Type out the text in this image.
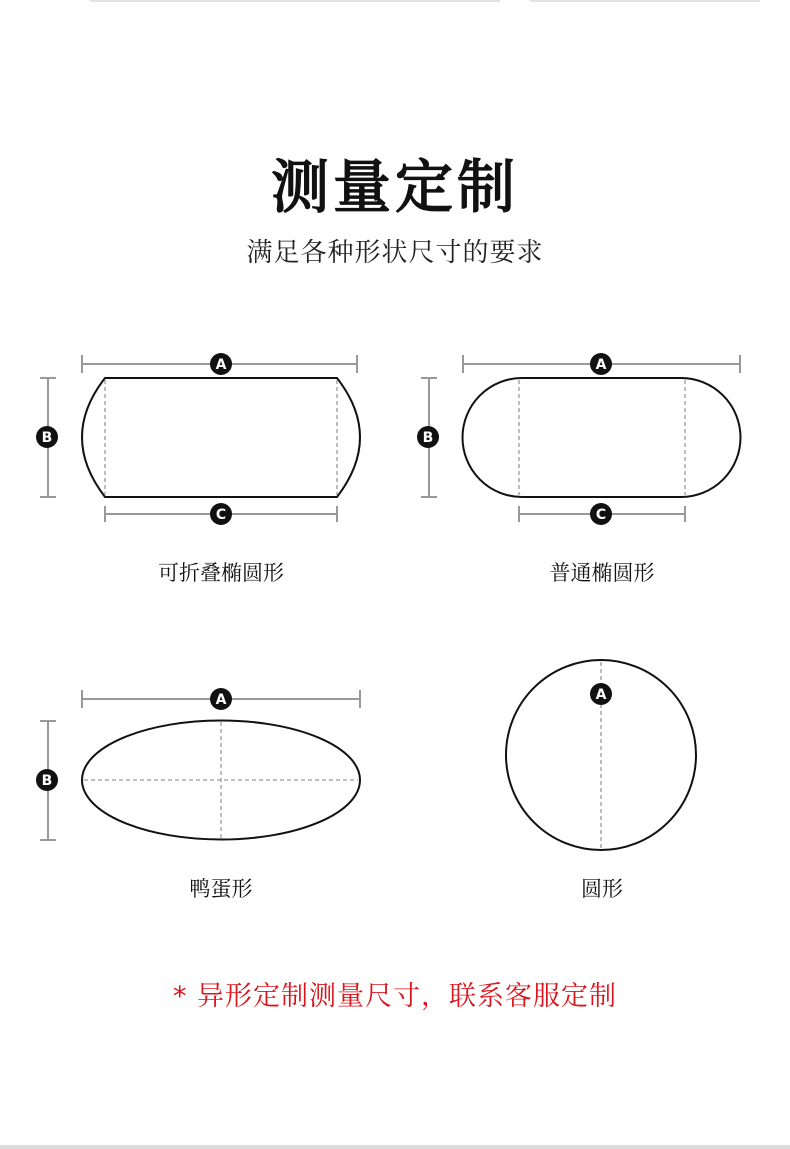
测量定制
满足各种形状尺寸的要求
A
B
C
A
B
C
A
B
A
可折叠椭圆形	普通椭圆形
鸭蛋形	圆形
* 异形定制测量尺寸，联系客服定制
